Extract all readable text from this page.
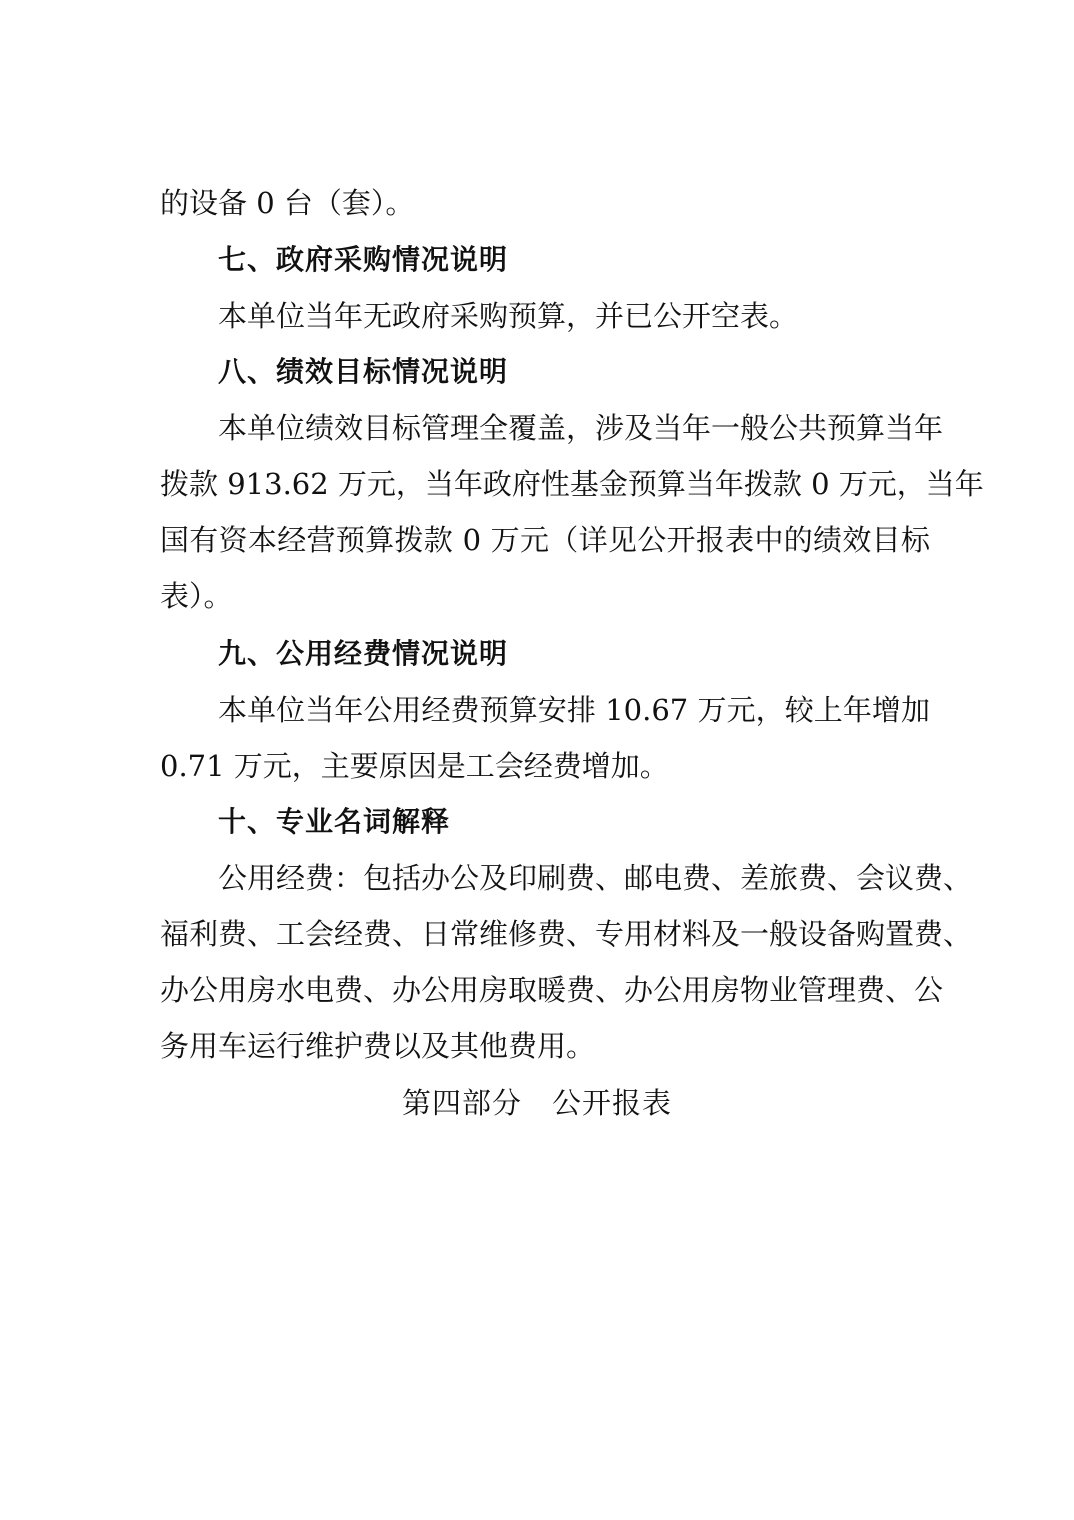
的设备 0 台（套）。
七、政府采购情况说明
本单位当年无政府采购预算，并已公开空表。
八、绩效目标情况说明
本单位绩效目标管理全覆盖，涉及当年一般公共预算当年
拨款 913.62 万元，当年政府性基金预算当年拨款 0 万元，当年
国有资本经营预算拨款 0 万元（详见公开报表中的绩效目标
表）。
九、公用经费情况说明
本单位当年公用经费预算安排 10.67 万元，较上年增加
0.71 万元，主要原因是工会经费增加。
十、专业名词解释
公用经费：包括办公及印刷费、邮电费、差旅费、会议费、
福利费、工会经费、日常维修费、专用材料及一般设备购置费、
办公用房水电费、办公用房取暖费、办公用房物业管理费、公
务用车运行维护费以及其他费用。
第四部分　公开报表
